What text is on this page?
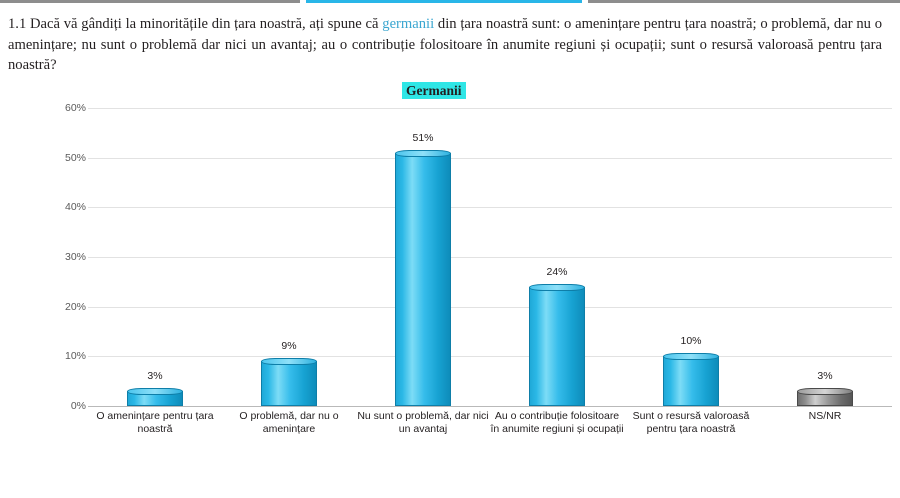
1.1 Dacă vă gândiți la minoritățile din țara noastră, ați spune că germanii din țara noastră sunt: o amenințare pentru țara noastră; o problemă, dar nu o amenințare; nu sunt o problemă dar nici un avantaj; au o contribuție folositoare în anumite regiuni și ocupații; sunt o resursă valoroasă pentru țara noastră?
Germanii
0%
10%
20%
30%
40%
50%
60%
3%
9%
51%
24%
10%
3%
O amenințare pentru țara noastră
O problemă, dar nu o amenințare
Nu sunt o problemă, dar nici un avantaj
Au o contribuție folositoare în anumite regiuni și ocupații
Sunt o resursă valoroasă pentru țara noastră
NS/NR
